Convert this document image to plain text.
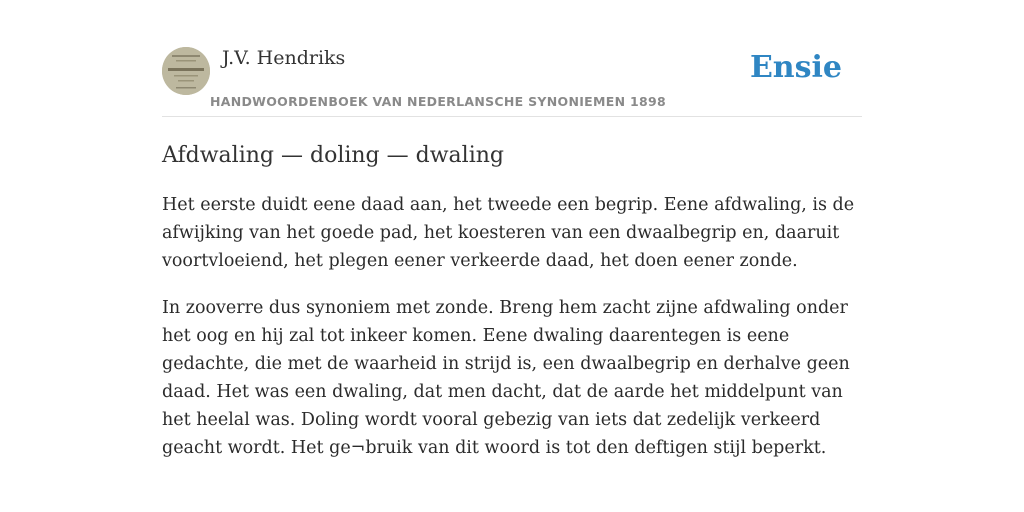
J.V. Hendriks
HANDWOORDENBOEK VAN NEDERLANSCHE SYNONIEMEN 1898
Ensie
Afdwaling — doling — dwaling

Het eerste duidt eene daad aan, het tweede een begrip. Eene afdwaling, is de afwijking van het goede pad, het koesteren van een dwaalbegrip en, daaruit voortvloeiend, het plegen eener verkeerde daad, het doen eener zonde.

In zooverre dus synoniem met zonde. Breng hem zacht zijne afdwaling onder het oog en hij zal tot inkeer komen. Eene dwaling daarentegen is eene gedachte, die met de waarheid in strijd is, een dwaalbegrip en derhalve geen daad. Het was een dwaling, dat men dacht, dat de aarde het middelpunt van het heelal was. Doling wordt vooral gebezig van iets dat zedelijk verkeerd geacht wordt. Het ge¬bruik van dit woord is tot den deftigen stijl beperkt.
